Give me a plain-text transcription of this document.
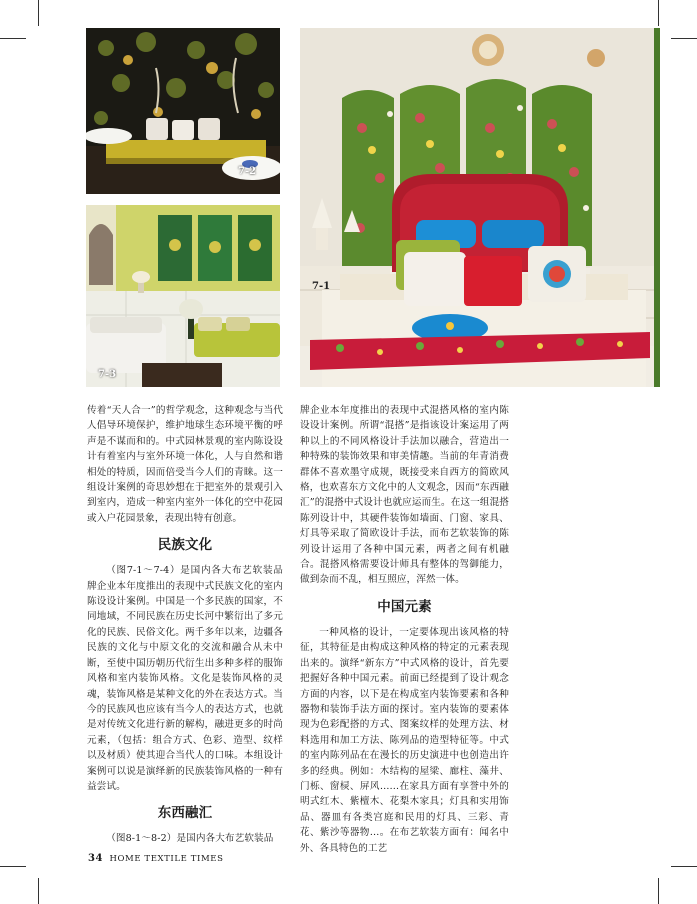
7-2
7-3
7-1

传着“天人合一”的哲学观念，这种观念与当代人倡导环境保护，维护地球生态环境平衡的呼声是不谋而和的。中式园林景观的室内陈设设计有着室内与室外环境一体化，人与自然和谐相处的特质，因而倍受当今人们的青睐。这一组设计案例的奇思妙想在于把室外的景观引入到室内，造成一种室内室外一体化的空中花园或入户花园景象，表现出特有创意。

民族文化

（图7-1～7-4）是国内各大布艺软装品牌企业本年度推出的表现中式民族文化的室内陈设设计案例。中国是一个多民族的国家，不同地域，不同民族在历史长河中繁衍出了多元化的民族、民俗文化。两千多年以来，边疆各民族的文化与中原文化的交流和融合从未中断，至使中国历朝历代衍生出多种多样的服饰风格和室内装饰风格。文化是装饰风格的灵魂，装饰风格是某种文化的外在表达方式。当今的民族风也应该有当今人的表达方式，也就是对传统文化进行新的解构，融进更多的时尚元素，（包括：组合方式、色彩、造型、纹样以及材质）使其迎合当代人的口味。本组设计案例可以说是演绎新的民族装饰风格的一种有益尝试。

东西融汇

（图8-1～8-2）是国内各大布艺软装品

牌企业本年度推出的表现中式混搭风格的室内陈设设计案例。所谓“混搭”是指该设计案运用了两种以上的不同风格设计手法加以融合，营造出一种特殊的装饰效果和审美情趣。当前的年青消费群体不喜欢墨守成规，既接受来自西方的简欧风格，也欢喜东方文化中的人文观念，因而“东西融汇”的混搭中式设计也就应运而生。在这一组混搭陈列设计中，其硬件装饰如墙面、门窗、家具、灯具等采取了简欧设计手法，而布艺软装饰的陈列设计运用了各种中国元素，两者之间有机融合。混搭风格需要设计师具有整体的驾御能力，做到杂而不乱，相互照应，浑然一体。

中国元素

一种风格的设计，一定要体现出该风格的特征，其特征是由构成这种风格的特定的元素表现出来的。演绎“新东方”中式风格的设计，首先要把握好各种中国元素。前面已经提到了设计观念方面的内容，以下是在构成室内装饰要素和各种器物和装饰手法方面的探讨。室内装饰的要素体现为色彩配搭的方式、图案纹样的处理方法、材料选用和加工方法、陈列品的造型特征等。中式的室内陈列品在在漫长的历史演进中也创造出许多的经典。例如：木结构的屋梁、廊柱、藻井、门栎、窗棂、屏风……在家具方面有享誉中外的明式红木、紫檀木、花梨木家具；灯具和实用饰品、器皿有各类宫庭和民用的灯具、三彩、青花、紫沙等器物…。在布艺软装方面有：闻名中外、各具特色的工艺

34 HOME TEXTILE TIMES
